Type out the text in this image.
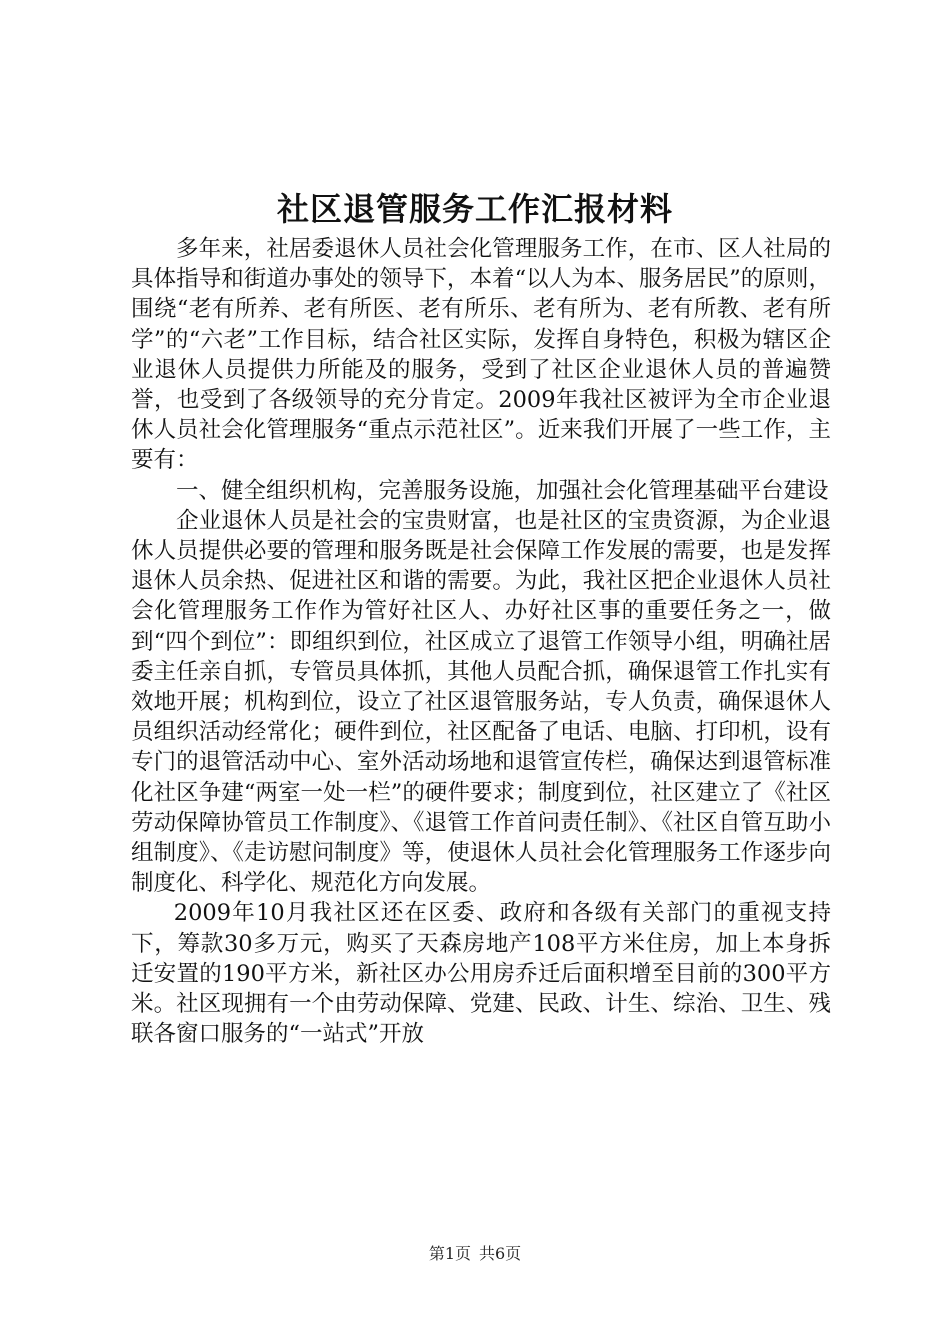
社区退管服务工作汇报材料

多年来，社居委退休人员社会化管理服务工作，在市、区人社局的具体指导和街道办事处的领导下，本着“以人为本、服务居民”的原则，围绕“老有所养、老有所医、老有所乐、老有所为、老有所教、老有所学”的“六老”工作目标，结合社区实际，发挥自身特色，积极为辖区企业退休人员提供力所能及的服务，受到了社区企业退休人员的普遍赞誉，也受到了各级领导的充分肯定。2009年我社区被评为全市企业退休人员社会化管理服务“重点示范社区”。近来我们开展了一些工作，主要有：

一、健全组织机构，完善服务设施，加强社会化管理基础平台建设

企业退休人员是社会的宝贵财富，也是社区的宝贵资源，为企业退休人员提供必要的管理和服务既是社会保障工作发展的需要，也是发挥退休人员余热、促进社区和谐的需要。为此，我社区把企业退休人员社会化管理服务工作作为管好社区人、办好社区事的重要任务之一，做到“四个到位”：即组织到位，社区成立了退管工作领导小组，明确社居委主任亲自抓，专管员具体抓，其他人员配合抓，确保退管工作扎实有效地开展；机构到位，设立了社区退管服务站，专人负责，确保退休人员组织活动经常化；硬件到位，社区配备了电话、电脑、打印机，设有专门的退管活动中心、室外活动场地和退管宣传栏，确保达到退管标准化社区争建“两室一处一栏”的硬件要求；制度到位，社区建立了《社区劳动保障协管员工作制度》、《退管工作首问责任制》、《社区自管互助小组制度》、《走访慰问制度》等，使退休人员社会化管理服务工作逐步向制度化、科学化、规范化方向发展。

2009年10月我社区还在区委、政府和各级有关部门的重视支持下，筹款30多万元，购买了天森房地产108平方米住房，加上本身拆迁安置的190平方米，新社区办公用房乔迁后面积增至目前的300平方米。社区现拥有一个由劳动保障、党建、民政、计生、综治、卫生、残联各窗口服务的“一站式”开放

第1页 共6页
